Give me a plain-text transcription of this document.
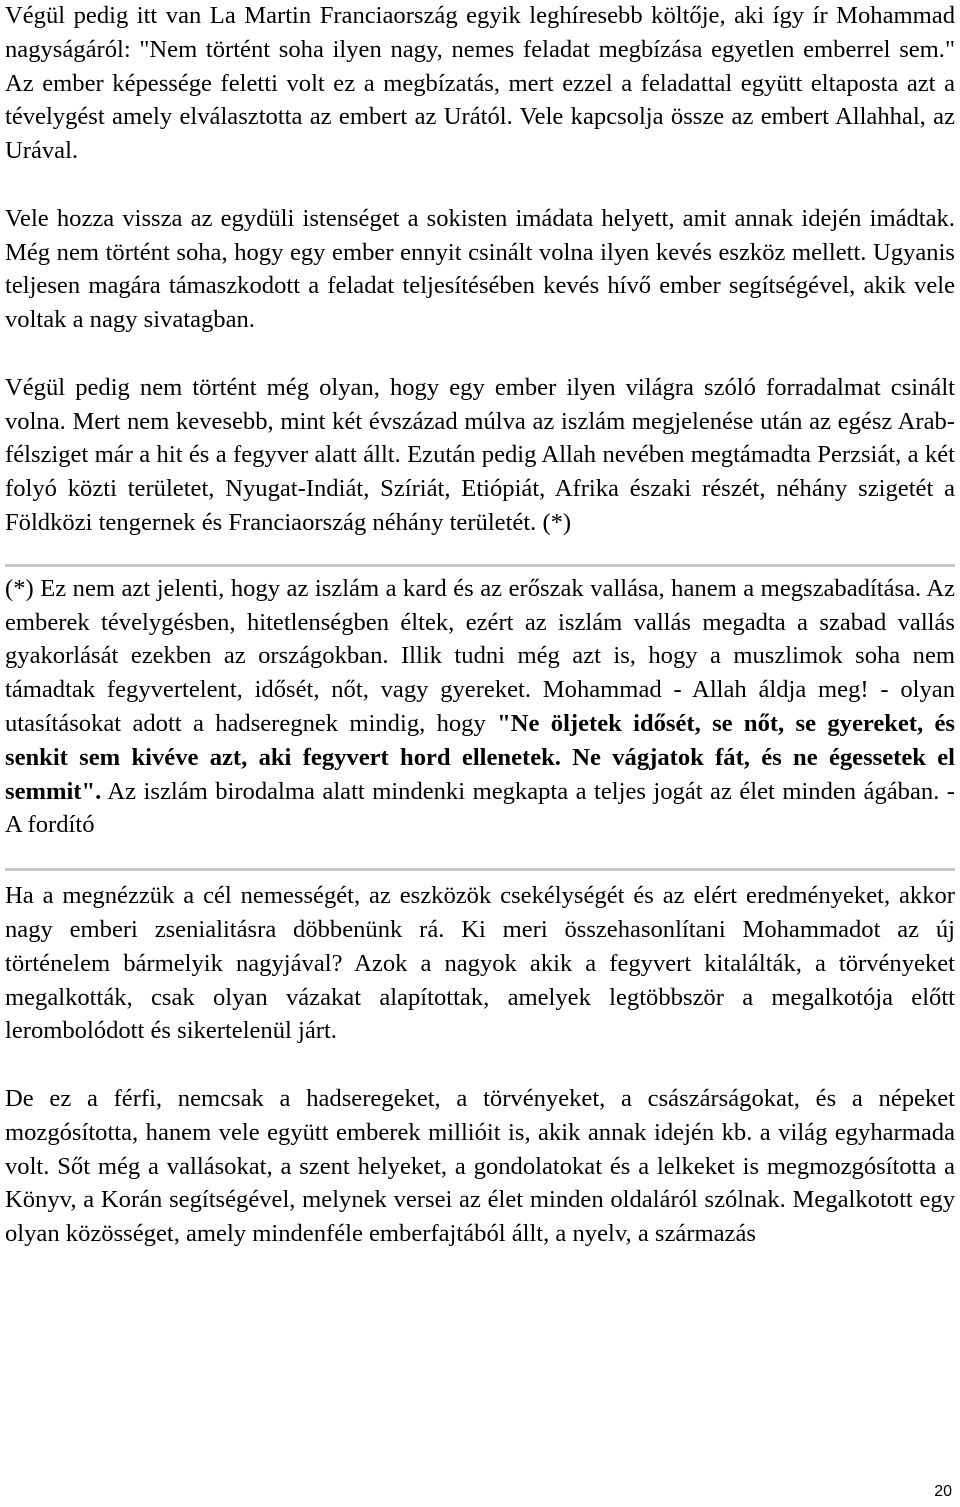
Végül pedig itt van La Martin Franciaország egyik leghíresebb költője, aki így ír Mohammad nagyságáról: "Nem történt soha ilyen nagy, nemes feladat megbízása egyetlen emberrel sem." Az ember képessége feletti volt ez a megbízatás, mert ezzel a feladattal együtt eltaposta azt a tévelygést amely elválasztotta az embert az Urától. Vele kapcsolja össze az embert Allahhal, az Urával.

Vele hozza vissza az egydüli istenséget a sokisten imádata helyett, amit annak idején imádtak. Még nem történt soha, hogy egy ember ennyit csinált volna ilyen kevés eszköz mellett. Ugyanis teljesen magára támaszkodott a feladat teljesítésében kevés hívő ember segítségével, akik vele voltak a nagy sivatagban.

Végül pedig nem történt még olyan, hogy egy ember ilyen világra szóló forradalmat csinált volna. Mert nem kevesebb, mint két évszázad múlva az iszlám megjelenése után az egész Arab-félsziget már a hit és a fegyver alatt állt. Ezután pedig Allah nevében megtámadta Perzsiát, a két folyó közti területet, Nyugat-Indiát, Szíriát, Etiópiát, Afrika északi részét, néhány szigetét a Földközi tengernek és Franciaország néhány területét. (*)

(*) Ez nem azt jelenti, hogy az iszlám a kard és az erőszak vallása, hanem a megszabadítása. Az emberek tévelygésben, hitetlenségben éltek, ezért az iszlám vallás megadta a szabad vallás gyakorlását ezekben az országokban. Illik tudni még azt is, hogy a muszlimok soha nem támadtak fegyvertelent, idősét, nőt, vagy gyereket. Mohammad - Allah áldja meg! - olyan utasításokat adott a hadseregnek mindig, hogy "Ne öljetek idősét, se nőt, se gyereket, és senkit sem kivéve azt, aki fegyvert hord ellenetek. Ne vágjatok fát, és ne égessetek el semmit". Az iszlám birodalma alatt mindenki megkapta a teljes jogát az élet minden ágában. - A fordító

Ha a megnézzük a cél nemességét, az eszközök csekélységét és az elért eredményeket, akkor nagy emberi zsenialitásra döbbenünk rá. Ki meri összehasonlítani Mohammadot az új történelem bármelyik nagyjával? Azok a nagyok akik a fegyvert kitalálták, a törvényeket megalkották, csak olyan vázakat alapítottak, amelyek legtöbbször a megalkotója előtt lerombolódott és sikertelenül járt.

De ez a férfi, nemcsak a hadseregeket, a törvényeket, a császárságokat, és a népeket mozgósította, hanem vele együtt emberek millióit is, akik annak idején kb. a világ egyharmada volt. Sőt még a vallásokat, a szent helyeket, a gondolatokat és a lelkeket is megmozgósította a Könyv, a Korán segítségével, melynek versei az élet minden oldaláról szólnak. Megalkotott egy olyan közösséget, amely mindenféle emberfajtából állt, a nyelv, a származás

20
